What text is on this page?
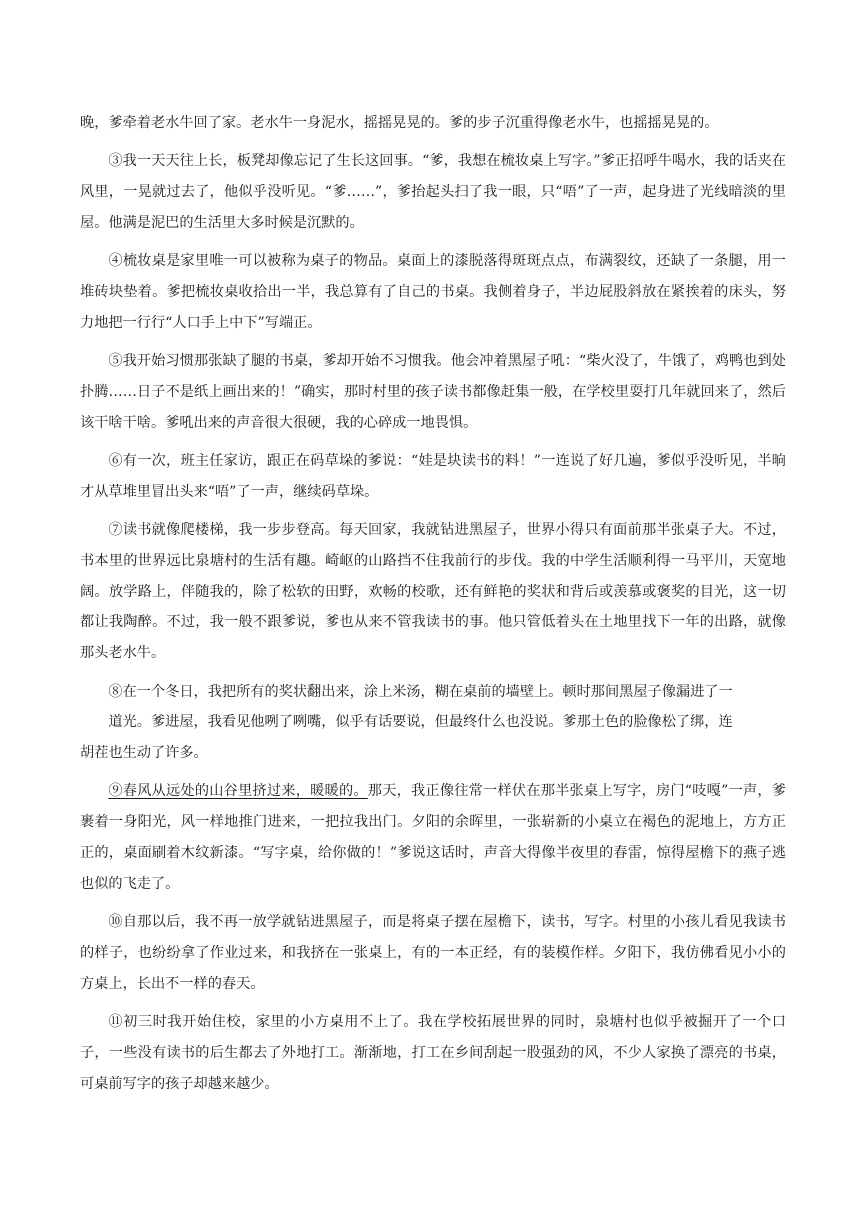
晚，爹牵着老水牛回了家。老水牛一身泥水，摇摇晃晃的。爹的步子沉重得像老水牛，也摇摇晃晃的。

③我一天天往上长，板凳却像忘记了生长这回事。“爹，我想在梳妆桌上写字。”爹正招呼牛喝水，我的话夹在风里，一晃就过去了，他似乎没听见。“爹……”，爹抬起头扫了我一眼，只“唔”了一声，起身进了光线暗淡的里屋。他满是泥巴的生活里大多时候是沉默的。

④梳妆桌是家里唯一可以被称为桌子的物品。桌面上的漆脱落得斑斑点点，布满裂纹，还缺了一条腿，用一堆砖块垫着。爹把梳妆桌收拾出一半，我总算有了自己的书桌。我侧着身子，半边屁股斜放在紧挨着的床头，努力地把一行行“人口手上中下”写端正。

⑤我开始习惯那张缺了腿的书桌，爹却开始不习惯我。他会冲着黑屋子吼：“柴火没了，牛饿了，鸡鸭也到处扑腾……日子不是纸上画出来的！”确实，那时村里的孩子读书都像赶集一般，在学校里耍打几年就回来了，然后该干啥干啥。爹吼出来的声音很大很硬，我的心碎成一地畏惧。

⑥有一次，班主任家访，跟正在码草垛的爹说：“娃是块读书的料！”一连说了好几遍，爹似乎没听见，半晌才从草堆里冒出头来“唔”了一声，继续码草垛。

⑦读书就像爬楼梯，我一步步登高。每天回家，我就钻进黑屋子，世界小得只有面前那半张桌子大。不过，书本里的世界远比泉塘村的生活有趣。崎岖的山路挡不住我前行的步伐。我的中学生活顺利得一马平川，天宽地阔。放学路上，伴随我的，除了松软的田野，欢畅的校歌，还有鲜艳的奖状和背后或羡慕或褒奖的目光，这一切都让我陶醉。不过，我一般不跟爹说，爹也从来不管我读书的事。他只管低着头在土地里找下一年的出路，就像那头老水牛。

⑧在一个冬日，我把所有的奖状翻出来，涂上米汤，糊在桌前的墙壁上。顿时那间黑屋子像漏进了一
道光。爹进屋，我看见他咧了咧嘴，似乎有话要说，但最终什么也没说。爹那土色的脸像松了绑，连
胡茬也生动了许多。

⑨春风从远处的山谷里挤过来，暖暖的。那天，我正像往常一样伏在那半张桌上写字，房门“吱嘎”一声，爹裹着一身阳光，风一样地推门进来，一把拉我出门。夕阳的余晖里，一张崭新的小桌立在褐色的泥地上，方方正正的，桌面刷着木纹新漆。“写字桌，给你做的！”爹说这话时，声音大得像半夜里的春雷，惊得屋檐下的燕子逃也似的飞走了。

⑩自那以后，我不再一放学就钻进黑屋子，而是将桌子摆在屋檐下，读书，写字。村里的小孩儿看见我读书的样子，也纷纷拿了作业过来，和我挤在一张桌上，有的一本正经，有的装模作样。夕阳下，我仿佛看见小小的方桌上，长出不一样的春天。

⑪初三时我开始住校，家里的小方桌用不上了。我在学校拓展世界的同时，泉塘村也似乎被掘开了一个口子，一些没有读书的后生都去了外地打工。渐渐地，打工在乡间刮起一股强劲的风，不少人家换了漂亮的书桌，可桌前写字的孩子却越来越少。
